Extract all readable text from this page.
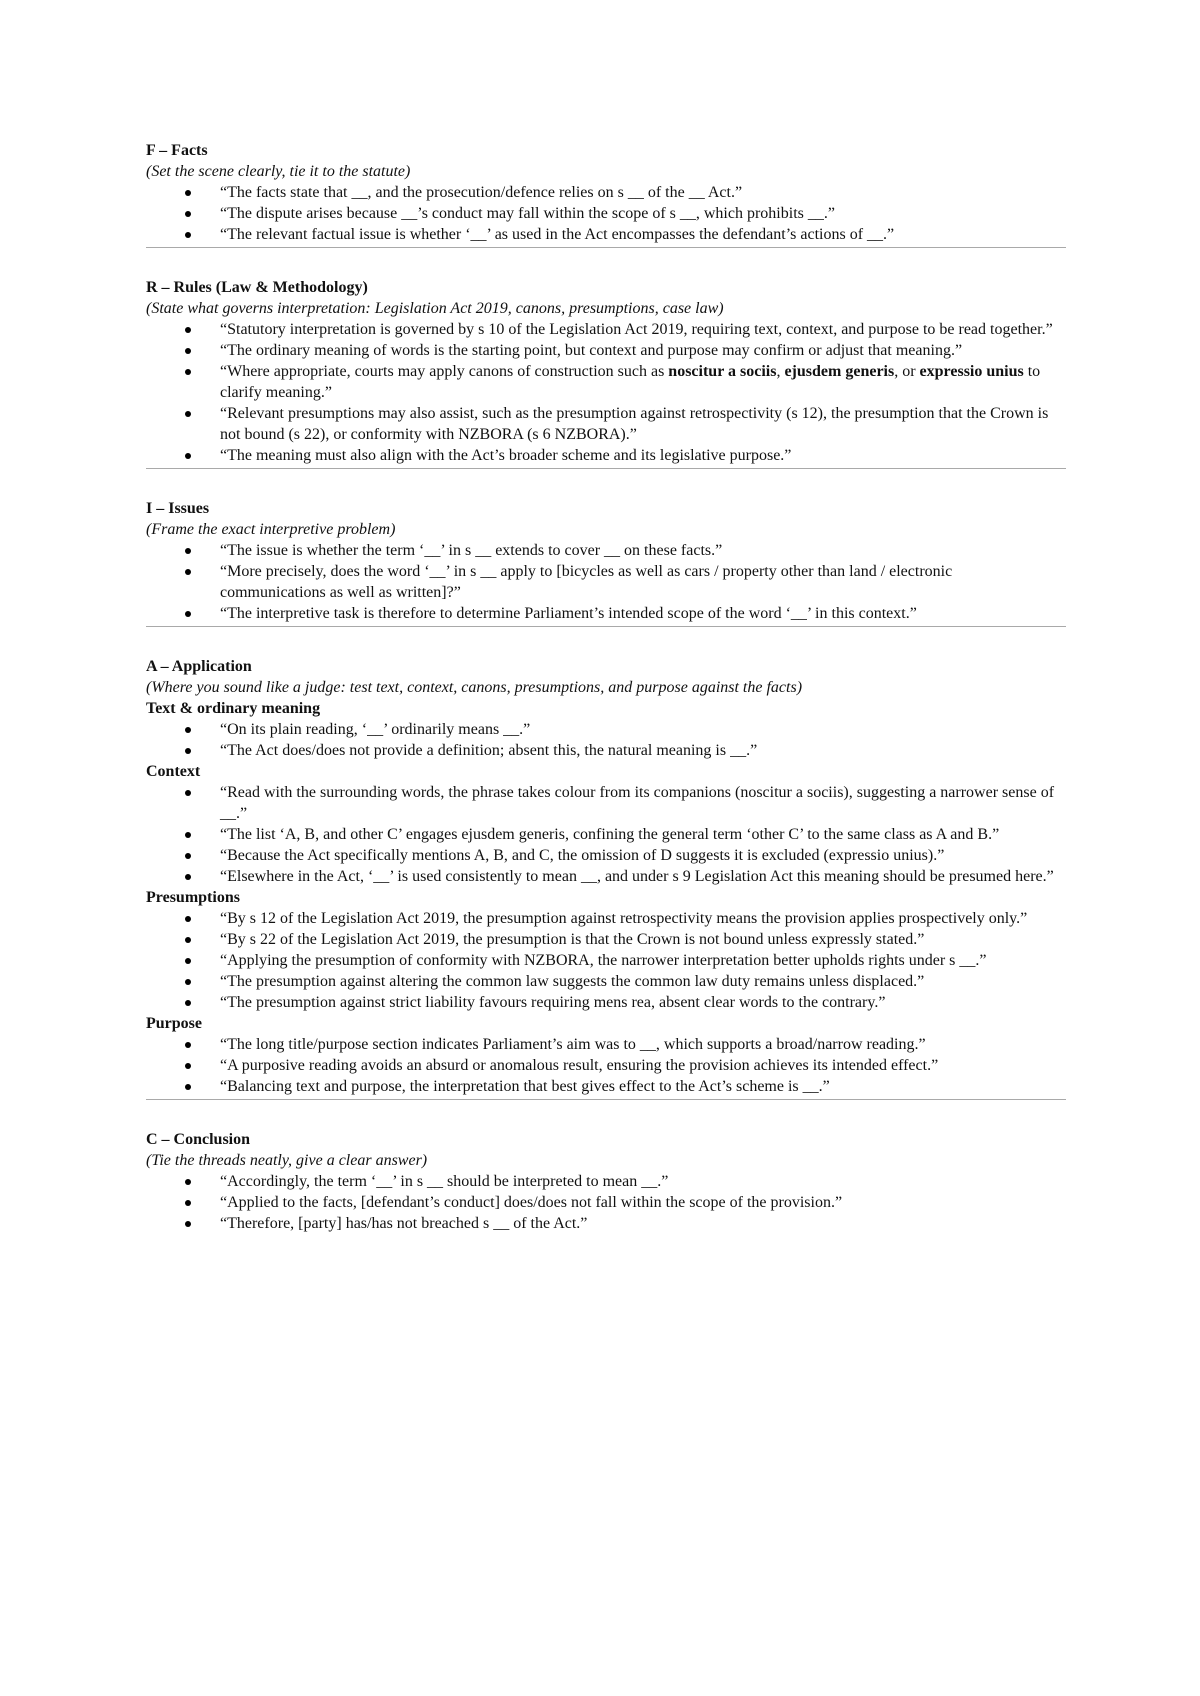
F – Facts

(Set the scene clearly, tie it to the statute)

“The facts state that __, and the prosecution/defence relies on s __ of the __ Act.”
“The dispute arises because __’s conduct may fall within the scope of s __, which prohibits __.”
“The relevant factual issue is whether ‘__’ as used in the Act encompasses the defendant’s actions of __.”

R – Rules (Law & Methodology)

(State what governs interpretation: Legislation Act 2019, canons, presumptions, case law)

“Statutory interpretation is governed by s 10 of the Legislation Act 2019, requiring text, context, and purpose to be read together.”
“The ordinary meaning of words is the starting point, but context and purpose may confirm or adjust that meaning.”
“Where appropriate, courts may apply canons of construction such as noscitur a sociis, ejusdem generis, or expressio unius to clarify meaning.”
“Relevant presumptions may also assist, such as the presumption against retrospectivity (s 12), the presumption that the Crown is not bound (s 22), or conformity with NZBORA (s 6 NZBORA).”
“The meaning must also align with the Act’s broader scheme and its legislative purpose.”

I – Issues

(Frame the exact interpretive problem)

“The issue is whether the term ‘__’ in s __ extends to cover __ on these facts.”
“More precisely, does the word ‘__’ in s __ apply to [bicycles as well as cars / property other than land / electronic communications as well as written]?”
“The interpretive task is therefore to determine Parliament’s intended scope of the word ‘__’ in this context.”

A – Application

(Where you sound like a judge: test text, context, canons, presumptions, and purpose against the facts)

Text & ordinary meaning

“On its plain reading, ‘__’ ordinarily means __.”
“The Act does/does not provide a definition; absent this, the natural meaning is __.”

Context

“Read with the surrounding words, the phrase takes colour from its companions (noscitur a sociis), suggesting a narrower sense of __.”
“The list ‘A, B, and other C’ engages ejusdem generis, confining the general term ‘other C’ to the same class as A and B.”
“Because the Act specifically mentions A, B, and C, the omission of D suggests it is excluded (expressio unius).”
“Elsewhere in the Act, ‘__’ is used consistently to mean __, and under s 9 Legislation Act this meaning should be presumed here.”

Presumptions

“By s 12 of the Legislation Act 2019, the presumption against retrospectivity means the provision applies prospectively only.”
“By s 22 of the Legislation Act 2019, the presumption is that the Crown is not bound unless expressly stated.”
“Applying the presumption of conformity with NZBORA, the narrower interpretation better upholds rights under s __.”
“The presumption against altering the common law suggests the common law duty remains unless displaced.”
“The presumption against strict liability favours requiring mens rea, absent clear words to the contrary.”

Purpose

“The long title/purpose section indicates Parliament’s aim was to __, which supports a broad/narrow reading.”
“A purposive reading avoids an absurd or anomalous result, ensuring the provision achieves its intended effect.”
“Balancing text and purpose, the interpretation that best gives effect to the Act’s scheme is __.”

C – Conclusion

(Tie the threads neatly, give a clear answer)

“Accordingly, the term ‘__’ in s __ should be interpreted to mean __.”
“Applied to the facts, [defendant’s conduct] does/does not fall within the scope of the provision.”
“Therefore, [party] has/has not breached s __ of the Act.”
